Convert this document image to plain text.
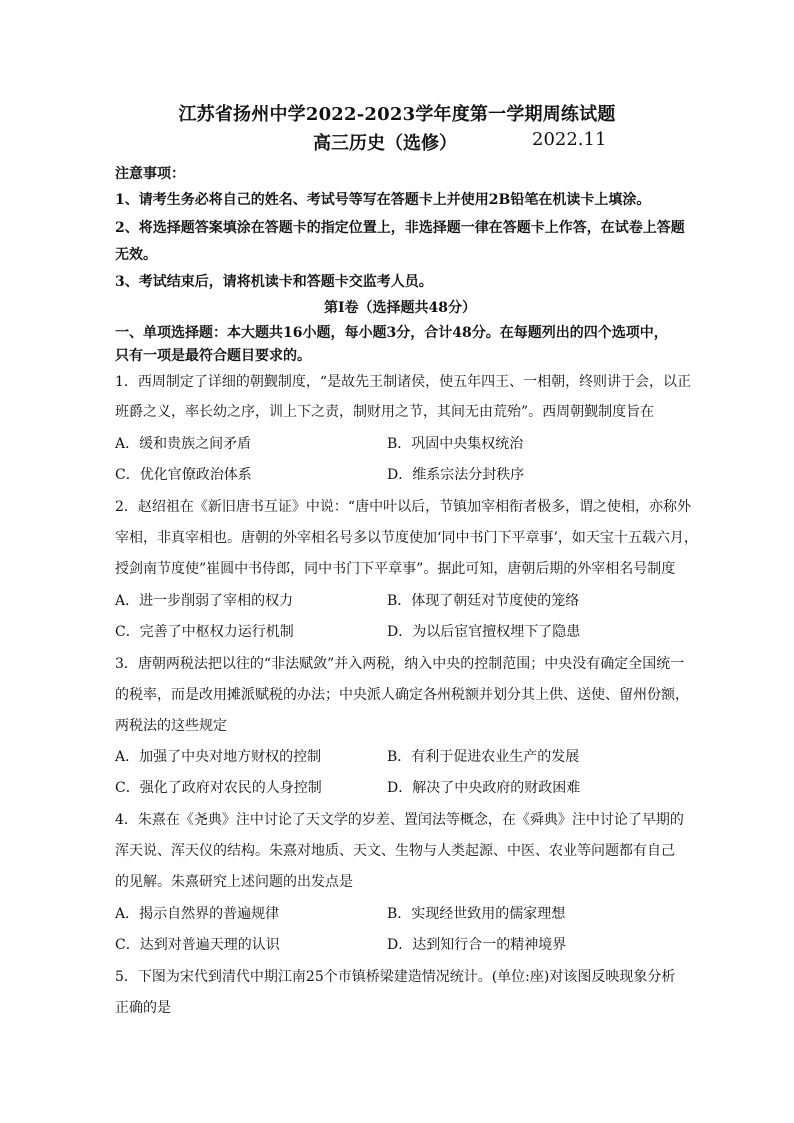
江苏省扬州中学2022-2023学年度第一学期周练试题
高三历史（选修）	2022.11
注意事项：
1、请考生务必将自己的姓名、考试号等写在答题卡上并使用2B铅笔在机读卡上填涂。
2、将选择题答案填涂在答题卡的指定位置上，非选择题一律在答题卡上作答，在试卷上答题
无效。
3、考试结束后，请将机读卡和答题卡交监考人员。
第Ⅰ卷（选择题共48分）
一、单项选择题：本大题共16小题，每小题3分，合计48分。在每题列出的四个选项中，
只有一项是最符合题目要求的。
1．西周制定了详细的朝觐制度，“是故先王制诸侯，使五年四王、一相朝，终则讲于会，以正
班爵之义，率长幼之序，训上下之责，制财用之节，其间无由荒殆”。西周朝觐制度旨在
A．缓和贵族之间矛盾	B．巩固中央集权统治
C．优化官僚政治体系	D．维系宗法分封秩序
2．赵绍祖在《新旧唐书互证》中说：“唐中叶以后，节镇加宰相衔者极多，谓之使相，亦称外
宰相，非真宰相也。唐朝的外宰相名号多以节度使加‘同中书门下平章事’，如天宝十五载六月，
授剑南节度使”崔圆中书侍郎，同中书门下平章事”。据此可知，唐朝后期的外宰相名号制度
A．进一步削弱了宰相的权力	B．体现了朝廷对节度使的笼络
C．完善了中枢权力运行机制	D．为以后宦官擅权埋下了隐患
3．唐朝两税法把以往的“非法赋敛”并入两税，纳入中央的控制范围；中央没有确定全国统一
的税率，而是改用摊派赋税的办法；中央派人确定各州税额并划分其上供、送使、留州份额，
两税法的这些规定
A．加强了中央对地方财权的控制	B．有利于促进农业生产的发展
C．强化了政府对农民的人身控制	D．解决了中央政府的财政困难
4．朱熹在《尧典》注中讨论了天文学的岁差、置闰法等概念，在《舜典》注中讨论了早期的
浑天说、浑天仪的结构。朱熹对地质、天文、生物与人类起源、中医、农业等问题都有自己
的见解。朱熹研究上述问题的出发点是
A．揭示自然界的普遍规律	B．实现经世致用的儒家理想
C．达到对普遍天理的认识	D．达到知行合一的精神境界
5．下图为宋代到清代中期江南25个市镇桥梁建造情况统计。(单位:座)对该图反映现象分析
正确的是
